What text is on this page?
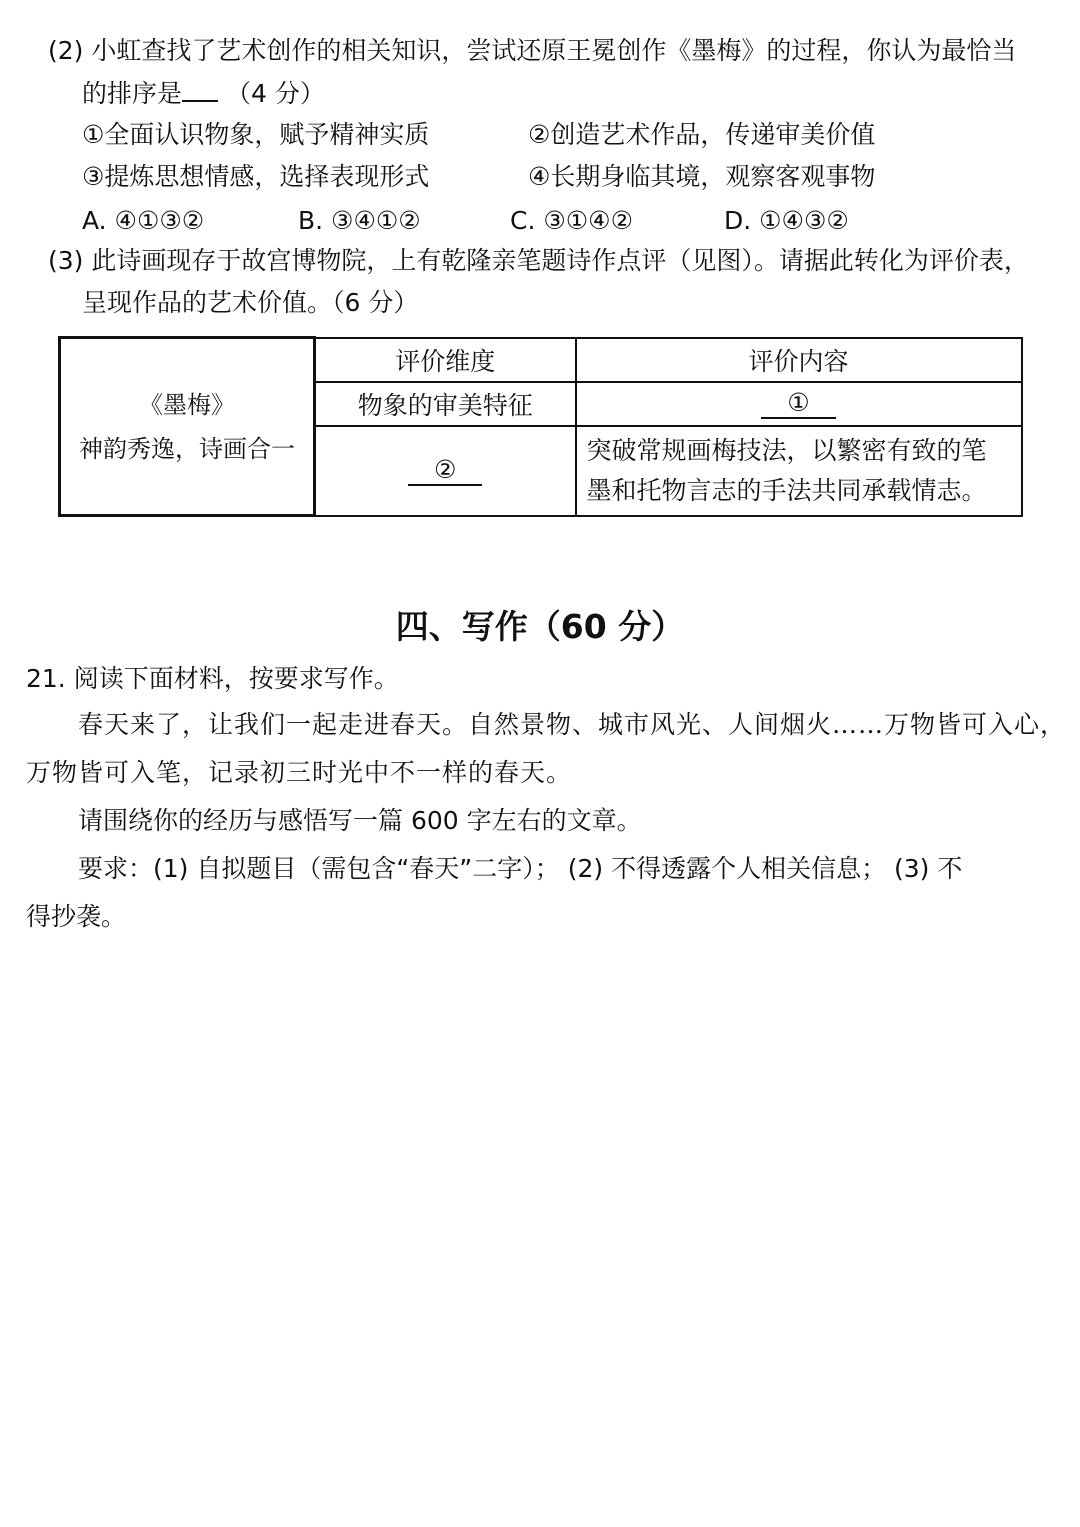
(2) 小虹查找了艺术创作的相关知识，尝试还原王冕创作《墨梅》的过程，你认为最恰当
的排序是 （4 分）
①全面认识物象，赋予精神实质	②创造艺术作品，传递审美价值
③提炼思想情感，选择表现形式	④长期身临其境，观察客观事物
A. ④①③②	B. ③④①②	C. ③①④②	D. ①④③②
(3) 此诗画现存于故宫博物院，上有乾隆亲笔题诗作点评（见图）。请据此转化为评价表，
呈现作品的艺术价值。（6 分）
《墨梅》
神韵秀逸，诗画合一	评价维度	评价内容
	物象的审美特征	①
	②	突破常规画梅技法，以繁密有致的笔墨和托物言志的手法共同承载情志。
四、写作（60 分）
21. 阅读下面材料，按要求写作。
春天来了，让我们一起走进春天。自然景物、城市风光、人间烟火……万物皆可入心，
万物皆可入笔，记录初三时光中不一样的春天。
请围绕你的经历与感悟写一篇 600 字左右的文章。
要求：(1) 自拟题目（需包含“春天”二字）； (2) 不得透露个人相关信息； (3) 不
得抄袭。
